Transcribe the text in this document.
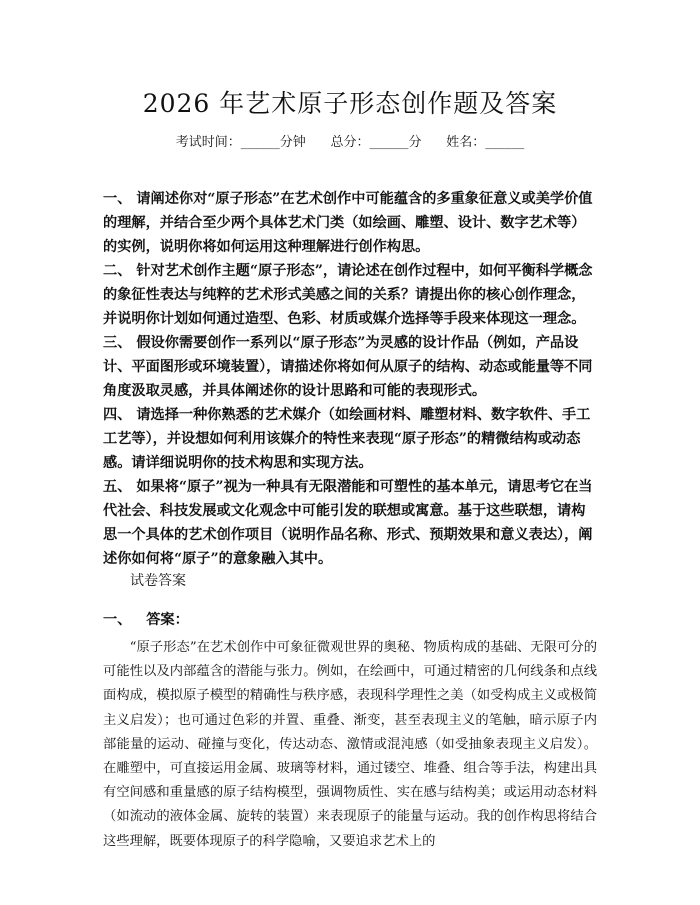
2026 年艺术原子形态创作题及答案
考试时间：______分钟      总分：______分      姓名：______

一、 请阐述你对“原子形态”在艺术创作中可能蕴含的多重象征意义或美学价值的理解，并结合至少两个具体艺术门类（如绘画、雕塑、设计、数字艺术等）的实例，说明你将如何运用这种理解进行创作构思。

二、 针对艺术创作主题“原子形态”，请论述在创作过程中，如何平衡科学概念的象征性表达与纯粹的艺术形式美感之间的关系？请提出你的核心创作理念，并说明你计划如何通过造型、色彩、材质或媒介选择等手段来体现这一理念。

三、 假设你需要创作一系列以“原子形态”为灵感的设计作品（例如，产品设计、平面图形或环境装置），请描述你将如何从原子的结构、动态或能量等不同角度汲取灵感，并具体阐述你的设计思路和可能的表现形式。

四、 请选择一种你熟悉的艺术媒介（如绘画材料、雕塑材料、数字软件、手工工艺等），并设想如何利用该媒介的特性来表现“原子形态”的精微结构或动态感。请详细说明你的技术构思和实现方法。

五、 如果将“原子”视为一种具有无限潜能和可塑性的基本单元，请思考它在当代社会、科技发展或文化观念中可能引发的联想或寓意。基于这些联想，请构思一个具体的艺术创作项目（说明作品名称、形式、预期效果和意义表达），阐述你如何将“原子”的意象融入其中。

试卷答案

一、   答案：

“原子形态”在艺术创作中可象征微观世界的奥秘、物质构成的基础、无限可分的可能性以及内部蕴含的潜能与张力。例如，在绘画中，可通过精密的几何线条和点线面构成，模拟原子模型的精确性与秩序感，表现科学理性之美（如受构成主义或极简主义启发）；也可通过色彩的并置、重叠、渐变，甚至表现主义的笔触，暗示原子内部能量的运动、碰撞与变化，传达动态、激情或混沌感（如受抽象表现主义启发）。在雕塑中，可直接运用金属、玻璃等材料，通过镂空、堆叠、组合等手法，构建出具有空间感和重量感的原子结构模型，强调物质性、实在感与结构美；或运用动态材料（如流动的液体金属、旋转的装置）来表现原子的能量与运动。我的创作构思将结合这些理解，既要体现原子的科学隐喻，又要追求艺术上的
